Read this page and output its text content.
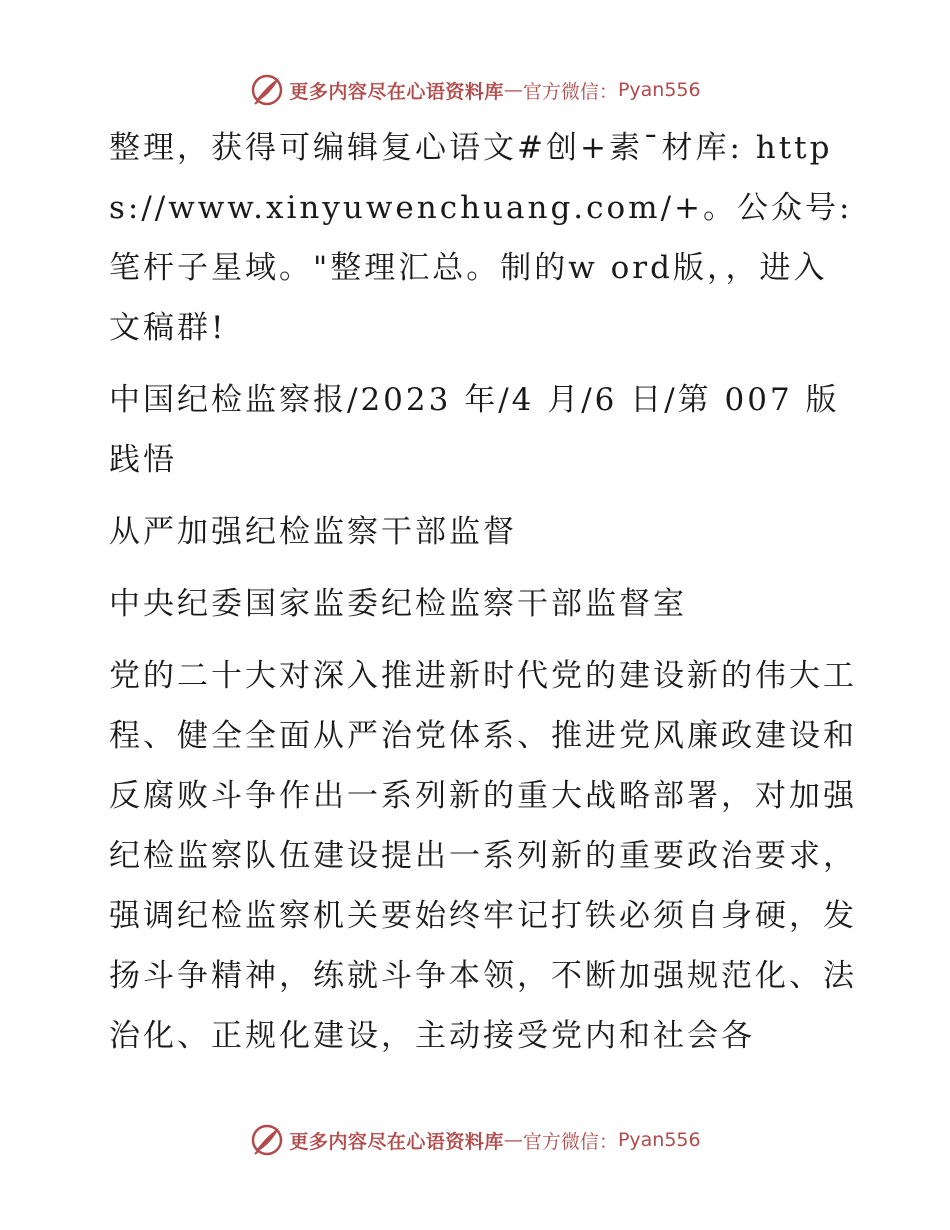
更多内容尽在心语资料库 — 官方微信： Pyan556

整理，获得可编辑复心语文#创+素¯材库: https://www.xinyuwenchuang.com/+。公众号: 笔杆子星域。"整理汇总。制的w ord版，，进入文稿群!

中国纪检监察报/2023 年/4 月/6 日/第 007 版践悟

从严加强纪检监察干部监督

中央纪委国家监委纪检监察干部监督室

党的二十大对深入推进新时代党的建设新的伟大工程、健全全面从严治党体系、推进党风廉政建设和反腐败斗争作出一系列新的重大战略部署，对加强纪检监察队伍建设提出一系列新的重要政治要求，强调纪检监察机关要始终牢记打铁必须自身硬，发扬斗争精神，练就斗争本领，不断加强规范化、法治化、正规化建设，主动接受党内和社会各

更多内容尽在心语资料库 — 官方微信： Pyan556
